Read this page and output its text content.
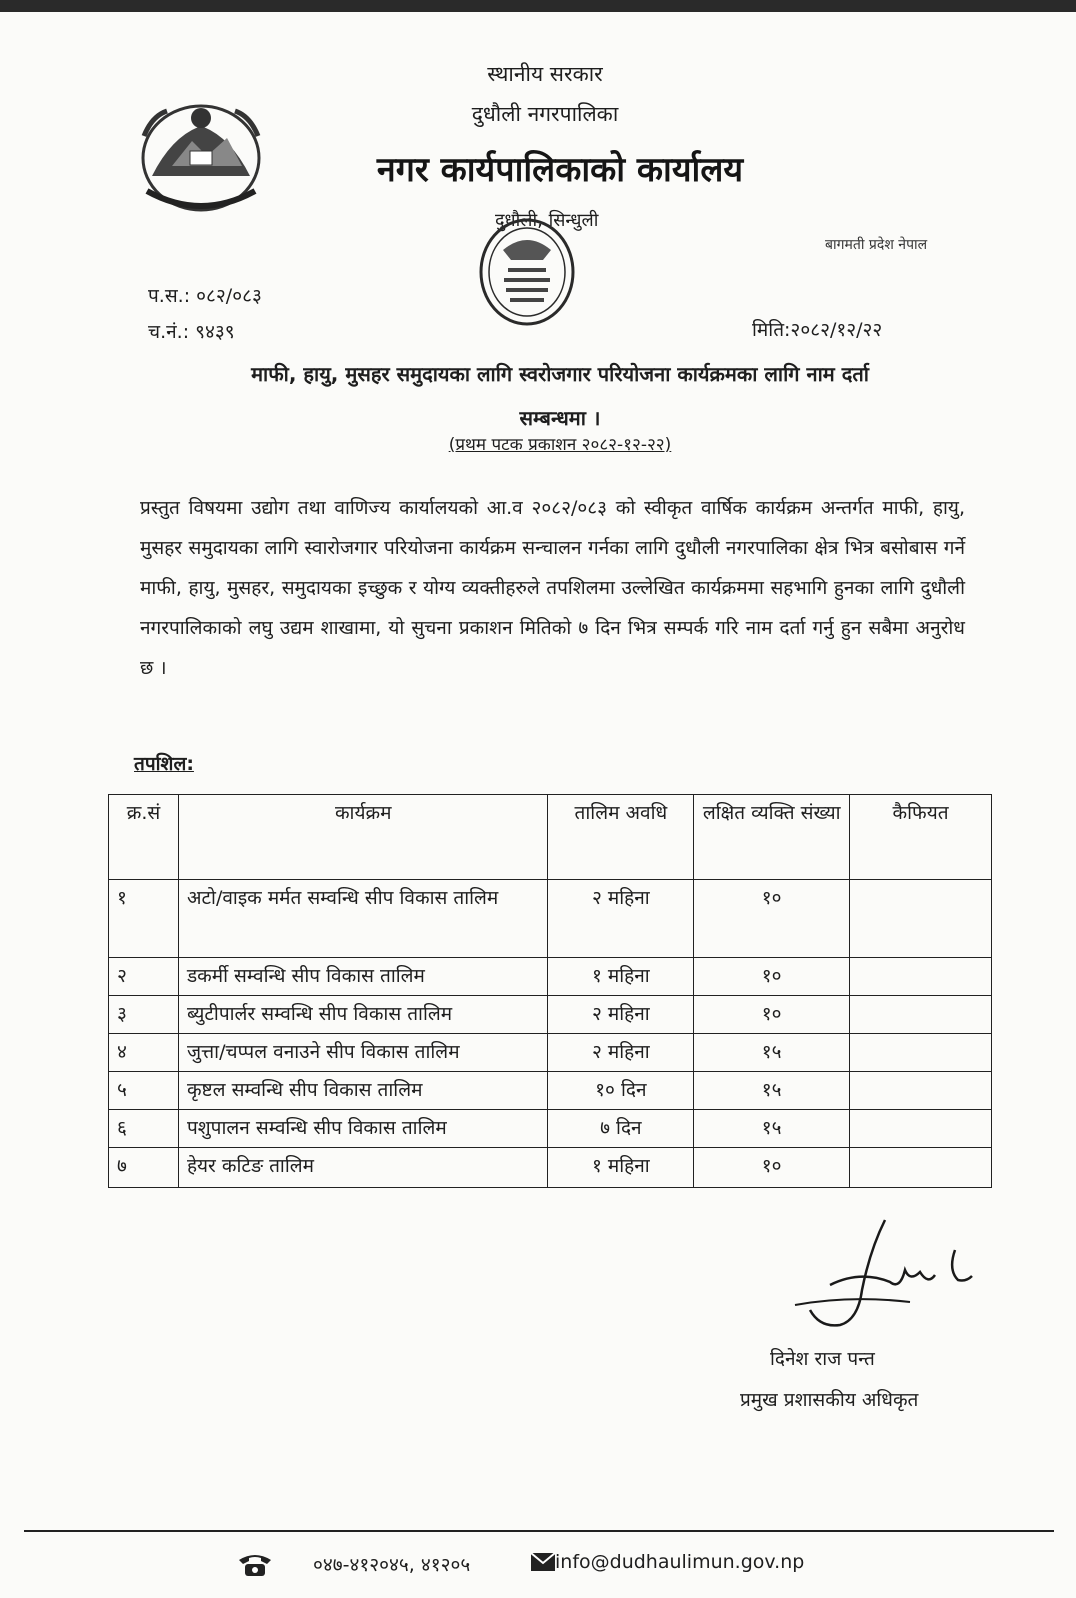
स्थानीय सरकार
दुधौली नगरपालिका
नगर कार्यपालिकाको कार्यालय
दुधौली, सिन्धुली
बागमती प्रदेश नेपाल
प.स.: ०८२/०८३
च.नं.: ९४३९	मिति:२०८२/१२/२२
माफी, हायु, मुसहर समुदायका लागि स्वरोजगार परियोजना कार्यक्रमका लागि नाम दर्ता
सम्बन्धमा ।
(प्रथम पटक प्रकाशन २०८२-१२-२२)
प्रस्तुत विषयमा उद्योग तथा वाणिज्य कार्यालयको आ.व २०८२/०८३ को स्वीकृत वार्षिक कार्यक्रम अन्तर्गत माफी, हायु, मुसहर समुदायका लागि स्वारोजगार परियोजना कार्यक्रम सन्चालन गर्नका लागि दुधौली नगरपालिका क्षेत्र भित्र बसोबास गर्ने माफी, हायु, मुसहर, समुदायका इच्छुक र योग्य व्यक्तीहरुले तपशिलमा उल्लेखित कार्यक्रममा सहभागि हुनका लागि दुधौली नगरपालिकाको लघु उद्यम शाखामा, यो सुचना प्रकाशन मितिको ७ दिन भित्र सम्पर्क गरि नाम दर्ता गर्नु हुन सबैमा अनुरोध छ ।
तपशिल:
क्र.सं	कार्यक्रम	तालिम अवधि	लक्षित व्यक्ति संख्या	कैफियत
१	अटो/वाइक मर्मत सम्वन्धि सीप विकास तालिम	२ महिना	१०	
२	डकर्मी सम्वन्धि सीप विकास तालिम	१ महिना	१०	
३	ब्युटीपार्लर सम्वन्धि सीप विकास तालिम	२ महिना	१०	
४	जुत्ता/चप्पल वनाउने सीप विकास तालिम	२ महिना	१५	
५	कृष्टल सम्वन्धि सीप विकास तालिम	१० दिन	१५	
६	पशुपालन सम्वन्धि सीप विकास तालिम	७ दिन	१५	
७	हेयर कटिङ तालिम	१ महिना	१०	
दिनेश राज पन्त
प्रमुख प्रशासकीय अधिकृत
०४७-४१२०४५, ४१२०५	info@dudhaulimun.gov.np
